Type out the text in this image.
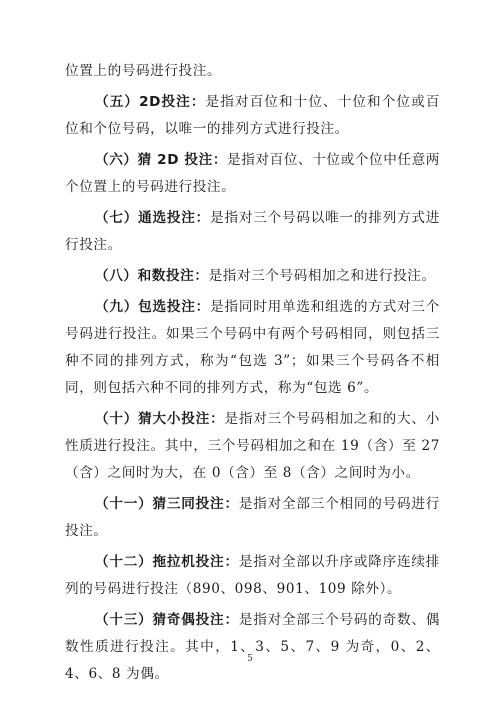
位置上的号码进行投注。

（五）2D投注：是指对百位和十位、十位和个位或百位和个位号码，以唯一的排列方式进行投注。

（六）猜 2D 投注：是指对百位、十位或个位中任意两个位置上的号码进行投注。

（七）通选投注：是指对三个号码以唯一的排列方式进行投注。

（八）和数投注：是指对三个号码相加之和进行投注。

（九）包选投注：是指同时用单选和组选的方式对三个号码进行投注。如果三个号码中有两个号码相同，则包括三种不同的排列方式，称为“包选 3”；如果三个号码各不相同，则包括六种不同的排列方式，称为“包选 6”。

（十）猜大小投注：是指对三个号码相加之和的大、小性质进行投注。其中，三个号码相加之和在 19（含）至 27（含）之间时为大，在 0（含）至 8（含）之间时为小。

（十一）猜三同投注：是指对全部三个相同的号码进行投注。

（十二）拖拉机投注：是指对全部以升序或降序连续排列的号码进行投注（890、098、901、109 除外）。

（十三）猜奇偶投注：是指对全部三个号码的奇数、偶数性质进行投注。其中，1、3、5、7、9 为奇，0、2、4、6、8 为偶。

5
